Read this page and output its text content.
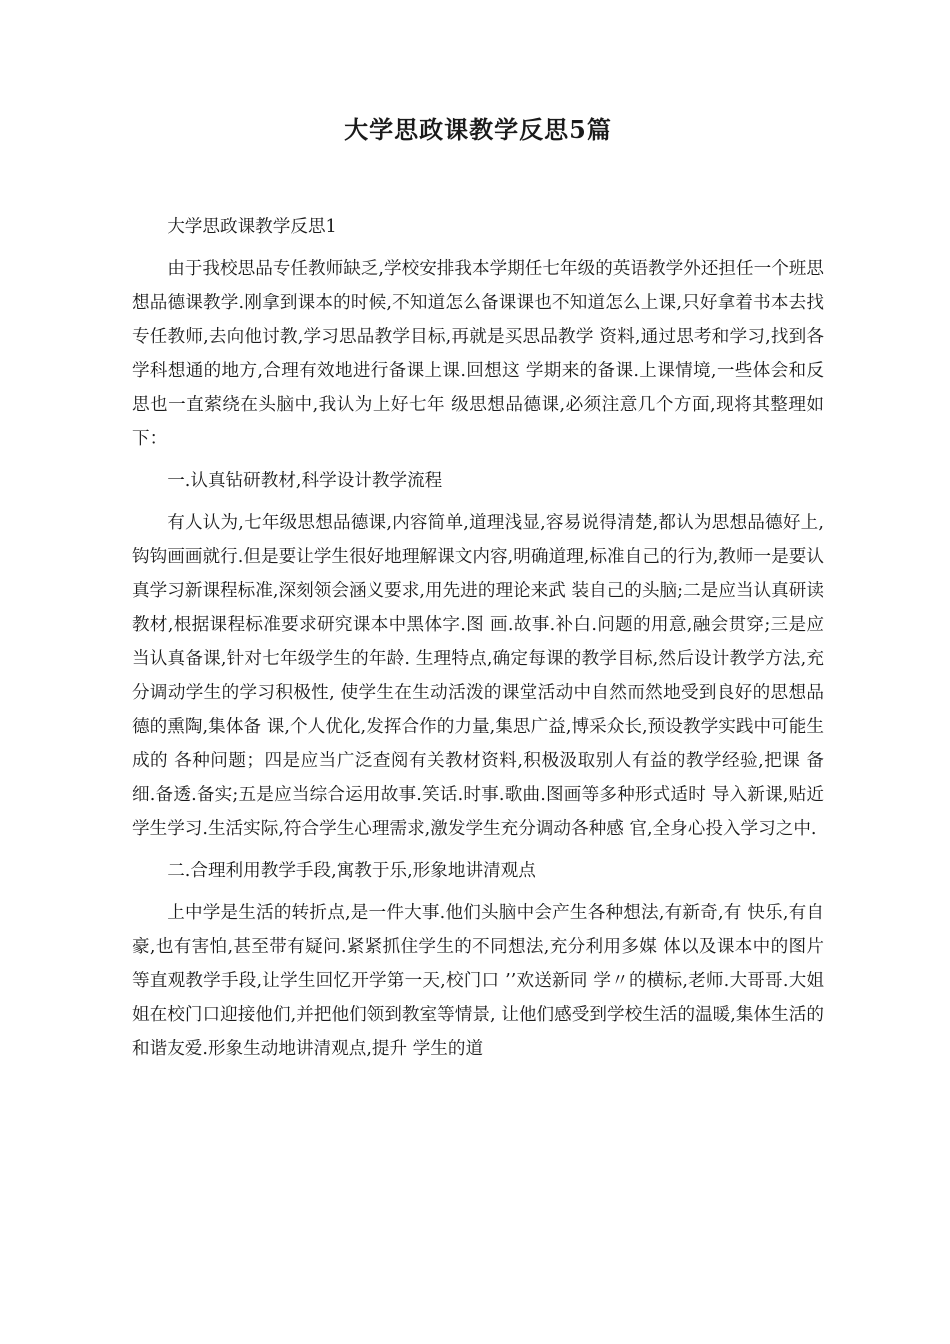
大学思政课教学反思5篇

大学思政课教学反思1

由于我校思品专任教师缺乏,学校安排我本学期任七年级的英语教学外还担任一个班思想品德课教学.刚拿到课本的时候,不知道怎么备课课也不知道怎么上课,只好拿着书本去找专任教师,去向他讨教,学习思品教学目标,再就是买思品教学 资料,通过思考和学习,找到各学科想通的地方,合理有效地进行备课上课.回想这 学期来的备课.上课情境,一些体会和反思也一直萦绕在头脑中,我认为上好七年 级思想品德课,必须注意几个方面,现将其整理如下：

一.认真钻研教材,科学设计教学流程

有人认为,七年级思想品德课,内容简单,道理浅显,容易说得清楚,都认为思想品德好上,钩钩画画就行.但是要让学生很好地理解课文内容,明确道理,标准自己的行为,教师一是要认真学习新课程标准,深刻领会涵义要求,用先进的理论来武 装自己的头脑;二是应当认真研读教材,根据课程标准要求研究课本中黑体字.图 画.故事.补白.问题的用意,融会贯穿;三是应当认真备课,针对七年级学生的年龄. 生理特点,确定每课的教学目标,然后设计教学方法,充分调动学生的学习积极性, 使学生在生动活泼的课堂活动中自然而然地受到良好的思想品德的熏陶,集体备 课,个人优化,发挥合作的力量,集思广益,博采众长,预设教学实践中可能生成的 各种问题；四是应当广泛查阅有关教材资料,积极汲取别人有益的教学经验,把课 备细.备透.备实;五是应当综合运用故事.笑话.时事.歌曲.图画等多种形式适时 导入新课,贴近学生学习.生活实际,符合学生心理需求,激发学生充分调动各种感 官,全身心投入学习之中.

二.合理利用教学手段,寓教于乐,形象地讲清观点

上中学是生活的转折点,是一件大事.他们头脑中会产生各种想法,有新奇,有 快乐,有自豪,也有害怕,甚至带有疑问.紧紧抓住学生的不同想法,充分利用多媒 体以及课本中的图片等直观教学手段,让学生回忆开学第一天,校门口 ’’欢送新同 学〃的横标,老师.大哥哥.大姐姐在校门口迎接他们,并把他们领到教室等情景, 让他们感受到学校生活的温暖,集体生活的和谐友爱.形象生动地讲清观点,提升 学生的道
